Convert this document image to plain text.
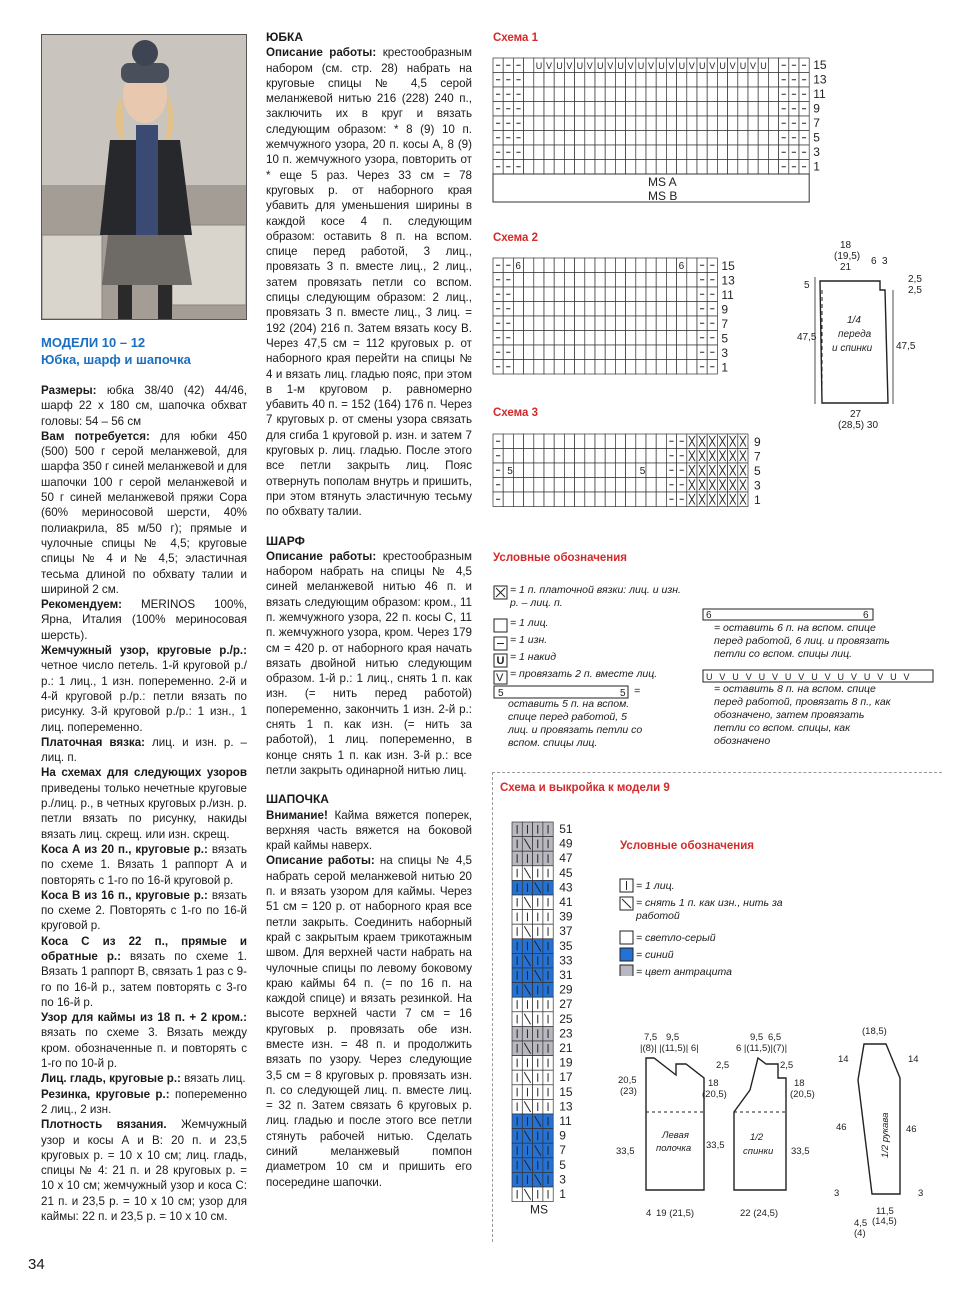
МОДЕЛИ 10 – 12

Юбка, шарф и шапочка

Размеры: юбка 38/40 (42) 44/46, шарф 22 x 180 см, шапочка обхват головы: 54 – 56 см

Вам потребуется: для юбки 450 (500) 500 г серой меланжевой, для шарфа 350 г синей меланжевой и для шапочки 100 г серой меланжевой и 50 г синей меланжевой пряжи Copa (60% мериносовой шерсти, 40% полиакрила, 85 м/50 г); прямые и чулочные спицы № 4,5; круговые спицы № 4 и № 4,5; эластичная тесьма длиной по обхвату талии и шириной 2 см.

Рекомендуем: MERINOS 100%, Ярна, Италия (100% мериносовая шерсть).

Жемчужный узор, круговые р./р.: четное число петель. 1-й круговой р./р.: 1 лиц., 1 изн. попеременно. 2-й и 4-й круговой р./р.: петли вязать по рисунку. 3-й круговой р./р.: 1 изн., 1 лиц. попеременно.

Платочная вязка: лиц. и изн. р. – лиц. п.

На схемах для следующих узоров приведены только нечетные круговые р./лиц. р., в четных круговых р./изн. р. петли вязать по рисунку, накиды вязать лиц. скрещ. или изн. скрещ.

Коса А из 20 п., круговые р.: вязать по схеме 1. Вязать 1 раппорт А и повторять с 1-го по 16-й круговой р.

Коса В из 16 п., круговые р.: вязать по схеме 2. Повторять с 1-го по 16-й круговой р.

Коса С из 22 п., прямые и обратные р.: вязать по схеме 1. Вязать 1 раппорт В, связать 1 раз с 9-го по 16-й р., затем повторять с 3-го по 16-й р.

Узор для каймы из 18 п. + 2 кром.: вязать по схеме 3. Вязать между кром. обозначенные п. и повторять с 1-го по 10-й р.

Лиц. гладь, круговые р.: вязать лиц.

Резинка, круговые р.: попеременно 2 лиц., 2 изн.

Плотность вязания. Жемчужный узор и косы А и В: 20 п. и 23,5 круговых р. = 10 x 10 см; лиц. гладь, спицы № 4: 21 п. и 28 круговых р. = 10 x 10 см; жемчужный узор и коса С: 21 п. и 23,5 р. = 10 x 10 см; узор для каймы: 22 п. и 23,5 р. = 10 x 10 см.

ЮБКА

Описание работы: крестообразным набором (см. стр. 28) набрать на круговые спицы № 4,5 серой меланжевой нитью 216 (228) 240 п., заключить их в круг и вязать следующим образом: * 8 (9) 10 п. жемчужного узора, 20 п. косы А, 8 (9) 10 п. жемчужного узора, повторить от * еще 5 раз. Через 33 см = 78 круговых р. от наборного края убавить для уменьшения ширины в каждой косе 4 п. следующим образом: оставить 8 п. на вспом. спице перед работой, 3 лиц., провязать 3 п. вместе лиц., 2 лиц., затем провязать петли со вспом. спицы следующим образом: 2 лиц., провязать 3 п. вместе лиц., 3 лиц. = 192 (204) 216 п. Затем вязать косу В. Через 47,5 см = 112 круговых р. от наборного края перейти на спицы № 4 и вязать лиц. гладью пояс, при этом в 1-м круговом р. равномерно убавить 40 п. = 152 (164) 176 п. Через 7 круговых р. от смены узора связать для сгиба 1 круговой р. изн. и затем 7 круговых р. лиц. гладью. После этого все петли закрыть лиц. Пояс отвернуть пополам внутрь и пришить, при этом втянуть эластичную тесьму по обхвату талии.

ШАРФ

Описание работы: крестообразным набором набрать на спицы № 4,5 синей меланжевой нитью 46 п. и вязать следующим образом: кром., 11 п. жемчужного узора, 22 п. косы С, 11 п. жемчужного узора, кром. Через 179 см = 420 р. от наборного края начать вязать двойной нитью следующим образом. 1-й р.: 1 лиц., снять 1 п. как изн. (= нить перед работой) попеременно, закончить 1 изн. 2-й р.: снять 1 п. как изн. (= нить за работой), 1 лиц. попеременно, в конце снять 1 п. как изн. 3-й р.: все петли закрыть одинарной нитью лиц.

ШАПОЧКА

Внимание! Кайма вяжется поперек, верхняя часть вяжется на боковой край каймы наверх.

Описание работы: на спицы № 4,5 набрать серой меланжевой нитью 20 п. и вязать узором для каймы. Через 51 см = 120 р. от наборного края все петли закрыть. Соединить наборный край с закрытым краем трикотажным швом. Для верхней части набрать на чулочные спицы по левому боковому краю каймы 64 п. (= по 16 п. на каждой спице) и вязать резинкой. На высоте верхней части 7 см = 16 круговых р. провязать обе изн. вместе изн. = 48 п. и продолжить вязать по узору. Через следующие 3,5 см = 8 круговых р. провязать изн. п. со следующей лиц. п. вместе лиц. = 32 п. Затем связать 6 круговых р. лиц. гладью и после этого все петли стянуть рабочей нитью. Сделать синий меланжевый помпон диаметром 10 см и пришить его посередине шапочки.

Схема 1
Схема 2
Схема 3
U V U V U V U V U V U V U V U V U V U V U V U	15
13
11
9
7
5
3
1
MS A
MS B
6	6	15
13
11
9
7
5
3
1
5	5
9
7
5
3
1
18
(19,5)
21
6 3
5
2,5
2,5
47,5
47,5
1/4
переда
и спинки
27
(28,5) 30
Условные обозначения
U
V
5	5
6	6
U V U V U V U V U V U V U V U V
= 1 п. платочной вязки: лиц. и изн. р. – лиц. п.
= 1 лиц.
= 1 изн.
= 1 накид
= провязать 2 п. вместе лиц.
= оставить 5 п. на вспом. спице перед работой, 5 лиц. и провязать петли со вспом. спицы лиц.
= оставить 6 п. на вспом. спице перед работой, 6 лиц. и провязать петли со вспом. спицы лиц.
= оставить 8 п. на вспом. спице перед работой, провязать 8 п., как обозначено, затем провязать петли со вспом. спицы, как обозначено
Схема и выкройка к модели 9
51
49
47
45
43
41
39
37
35
33
31
29
27
25
23
21
19
17
15
13
11
9
7
5
3
1
MS
Условные обозначения
= 1 лиц.
= снять 1 п. как изн., нить за работой
= светло-серый
= синий
= цвет антрацита
7,5 9,5
|(8)| |(11,5)| 6|
20,5
(23)
18
(20,5)
2,5
33,5
Левая
полочка
4 19 (21,5)
9,5 6,5
6 |(11,5)|(7)|
2,5
18
(20,5)
33,5
33,5
1/2
спинки
22 (24,5)
(18,5)
14	14
46	46
1/2 рукава
3	3
4,5
(4)
11,5
(14,5)
34
